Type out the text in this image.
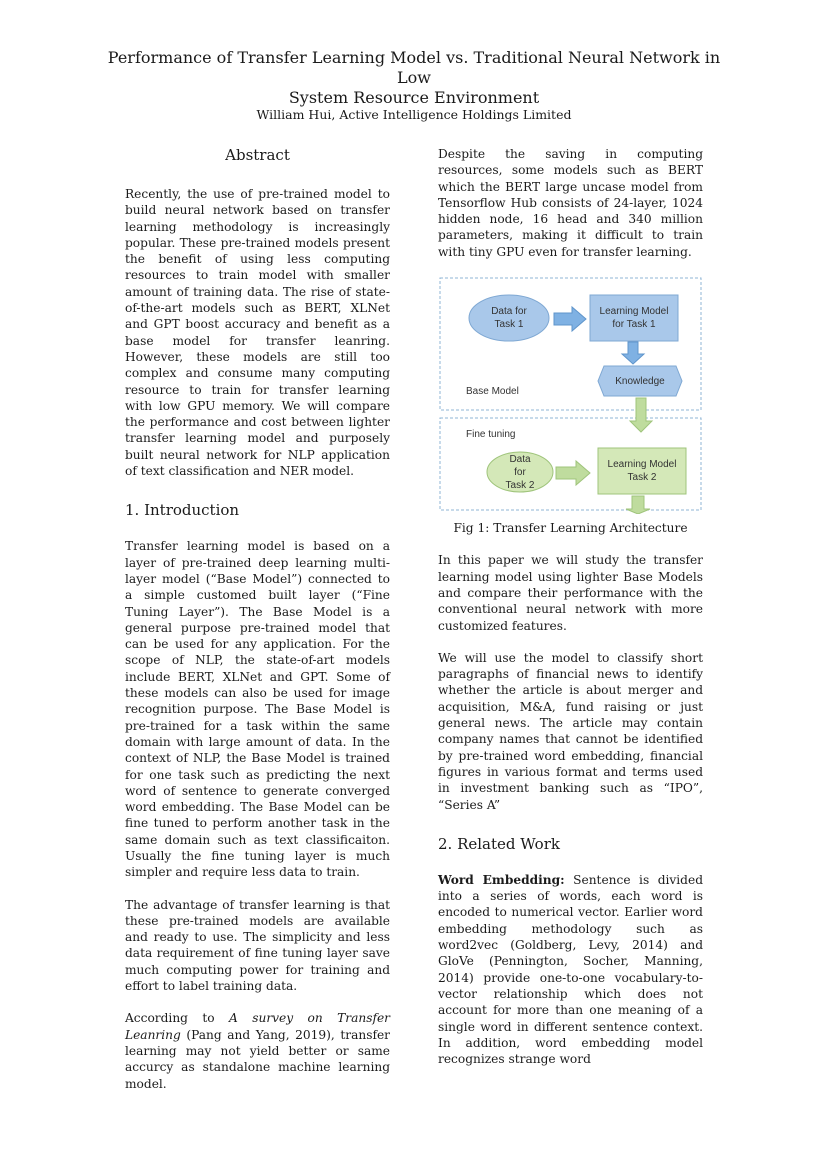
Performance of Transfer Learning Model vs. Traditional Neural Network in Low
System Resource Environment
William Hui, Active Intelligence Holdings Limited
Abstract

Recently, the use of pre-trained model to build neural network based on transfer learning methodology is increasingly popular. These pre-trained models present the benefit of using less computing resources to train model with smaller amount of training data. The rise of state-of-the-art models such as BERT, XLNet and GPT boost accuracy and benefit as a base model for transfer leanring. However, these models are still too complex and consume many computing resource to train for transfer learning with low GPU memory. We will compare the performance and cost between lighter transfer learning model and purposely built neural network for NLP application of text classification and NER model.

1. Introduction

Transfer learning model is based on a layer of pre-trained deep learning multi-layer model (“Base Model”) connected to a simple customed built layer (“Fine Tuning Layer”). The Base Model is a general purpose pre-trained model that can be used for any application. For the scope of NLP, the state-of-art models include BERT, XLNet and GPT. Some of these models can also be used for image recognition purpose. The Base Model is pre-trained for a task within the same domain with large amount of data. In the context of NLP, the Base Model is trained for one task such as predicting the next word of sentence to generate converged word embedding. The Base Model can be fine tuned to perform another task in the same domain such as text classificaiton. Usually the fine tuning layer is much simpler and require less data to train.

The advantage of transfer learning is that these pre-trained models are available and ready to use. The simplicity and less data requirement of fine tuning layer save much computing power for training and effort to label training data.

According to A survey on Transfer Leanring (Pang and Yang, 2019), transfer learning may not yield better or same accurcy as standalone machine learning model.

Despite the saving in computing resources, some models such as BERT which the BERT large uncase model from Tensorflow Hub consists of 24-layer, 1024 hidden node, 16 head and 340 million parameters, making it difficult to train with tiny GPU even for transfer learning.

Data for
Task 1
Learning Model
for Task 1
Knowledge
Base Model
Fine tuning
Data
for
Task 2
Learning Model
Task 2
Fig 1: Transfer Learning Architecture

In this paper we will study the transfer learning model using lighter Base Models and compare their performance with the conventional neural network with more customized features.

We will use the model to classify short paragraphs of financial news to identify whether the article is about merger and acquisition, M&A, fund raising or just general news. The article may contain company names that cannot be identified by pre-trained word embedding, financial figures in various format and terms used in investment banking such as “IPO”, “Series A”

2. Related Work

Word Embedding: Sentence is divided into a series of words, each word is encoded to numerical vector. Earlier word embedding methodology such as word2vec (Goldberg, Levy, 2014) and GloVe (Pennington, Socher, Manning, 2014) provide one-to-one vocabulary-to-vector relationship which does not account for more than one meaning of a single word in different sentence context. In addition, word embedding model recognizes strange word
